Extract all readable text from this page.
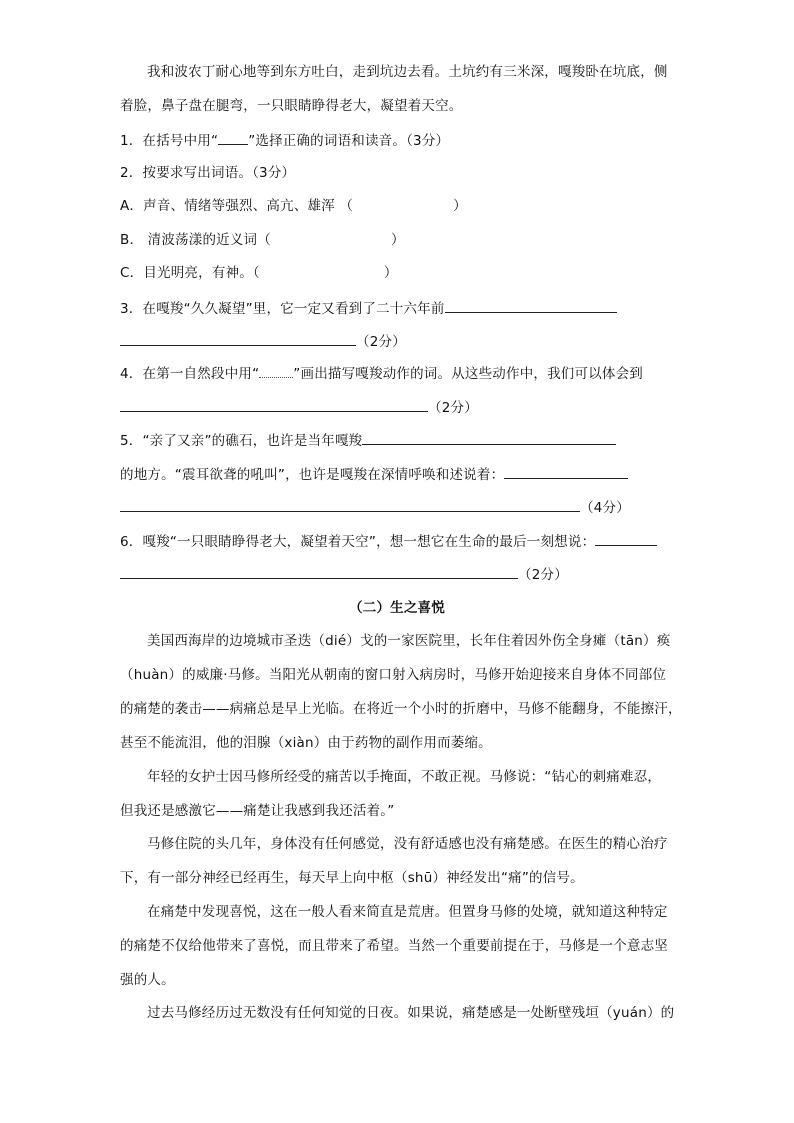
我和波农丁耐心地等到东方吐白，走到坑边去看。土坑约有三米深，嘎羧卧在坑底，侧
着脸，鼻子盘在腿弯，一只眼睛睁得老大，凝望着天空。
1．在括号中用“ ”选择正确的词语和读音。（3分）
2．按要求写出词语。（3分）
A．声音、情绪等强烈、高亢、雄浑 （	）
B． 清波荡漾的近义词（	）
C．目光明亮，有神。（	）
3．在嘎羧“久久凝望”里，它一定又看到了二十六年前
（2分）
4．在第一自然段中用“	”画出描写嘎羧动作的词。从这些动作中，我们可以体会到
（2分）
5．“亲了又亲”的礁石，也许是当年嘎羧
的地方。“震耳欲聋的吼叫”，也许是嘎羧在深情呼唤和述说着：
（4分）
6．嘎羧“一只眼睛睁得老大，凝望着天空”，想一想它在生命的最后一刻想说：
（2分）
（二）生之喜悦
美国西海岸的边境城市圣迭（dié）戈的一家医院里，长年住着因外伤全身瘫（tān）痪
（huàn）的威廉·马修。当阳光从朝南的窗口射入病房时，马修开始迎接来自身体不同部位
的痛楚的袭击——病痛总是早上光临。在将近一个小时的折磨中，马修不能翻身，不能擦汗，
甚至不能流泪，他的泪腺（xiàn）由于药物的副作用而萎缩。
年轻的女护士因马修所经受的痛苦以手掩面，不敢正视。马修说：“钻心的刺痛难忍，
但我还是感激它——痛楚让我感到我还活着。”
马修住院的头几年，身体没有任何感觉，没有舒适感也没有痛楚感。在医生的精心治疗
下，有一部分神经已经再生，每天早上向中枢（shū）神经发出“痛”的信号。
在痛楚中发现喜悦，这在一般人看来简直是荒唐。但置身马修的处境，就知道这种特定
的痛楚不仅给他带来了喜悦，而且带来了希望。当然一个重要前提在于，马修是一个意志坚
强的人。
过去马修经历过无数没有任何知觉的日夜。如果说，痛楚感是一处断壁残垣（yuán）的
